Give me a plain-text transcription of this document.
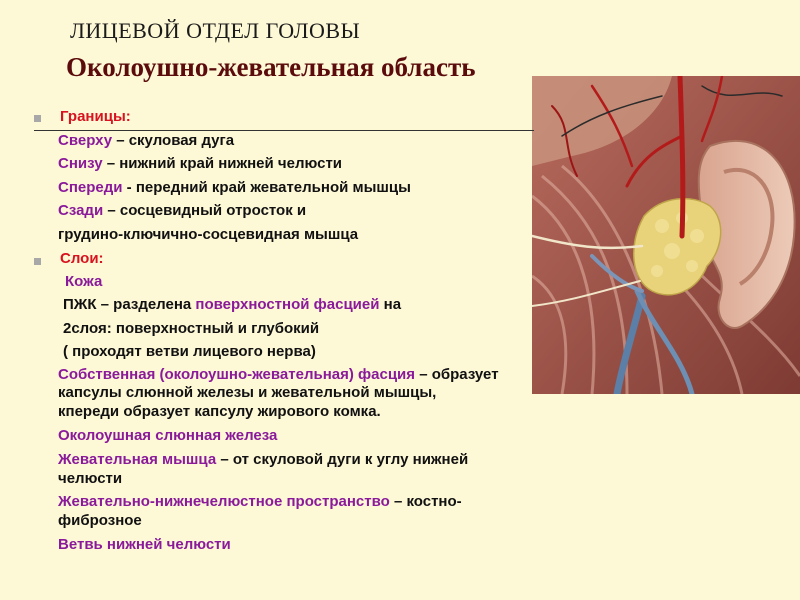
ЛИЦЕВОЙ ОТДЕЛ ГОЛОВЫ
Околоушно-жевательная область
Границы:
Сверху – скуловая дуга
Снизу – нижний край нижней челюсти
Спереди - передний край жевательной мышцы
Сзади – сосцевидный отросток и
грудино-ключично-сосцевидная мышца
Слои:
Кожа
ПЖК – разделена поверхностной фасцией на
2слоя: поверхностный и глубокий
( проходят ветви лицевого нерва)
Собственная (околоушно-жевательная) фасция – образует
капсулы слюнной железы и жевательной мышцы,
кпереди образует капсулу жирового комка.
Околоушная слюнная железа
Жевательная мышца – от скуловой дуги к углу нижней
челюсти
Жевательно-нижнечелюстное пространство – костно-
фиброзное
Ветвь нижней челюсти
